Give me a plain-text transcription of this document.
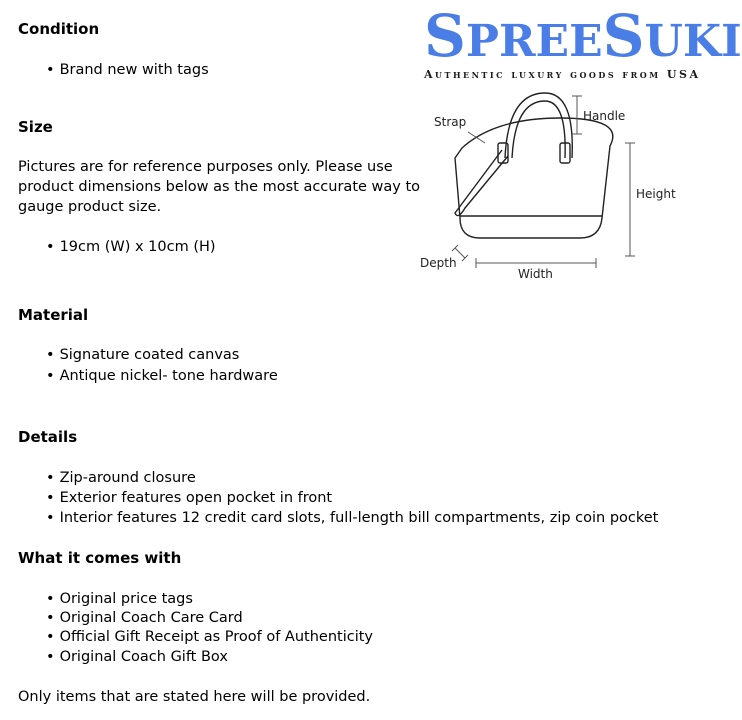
SPREESUKI
Authentic luxury goods from USA
Strap	Handle
Height
Depth
Width
Condition
• Brand new with tags
Size
Pictures are for reference purposes only. Please use
product dimensions below as the most accurate way to
gauge product size.
• 19cm (W) x 10cm (H)
Material
• Signature coated canvas
• Antique nickel- tone hardware
Details
• Zip-around closure
• Exterior features open pocket in front
• Interior features 12 credit card slots, full-length bill compartments, zip coin pocket
What it comes with
• Original price tags
• Original Coach Care Card
• Official Gift Receipt as Proof of Authenticity
• Original Coach Gift Box
Only items that are stated here will be provided.
